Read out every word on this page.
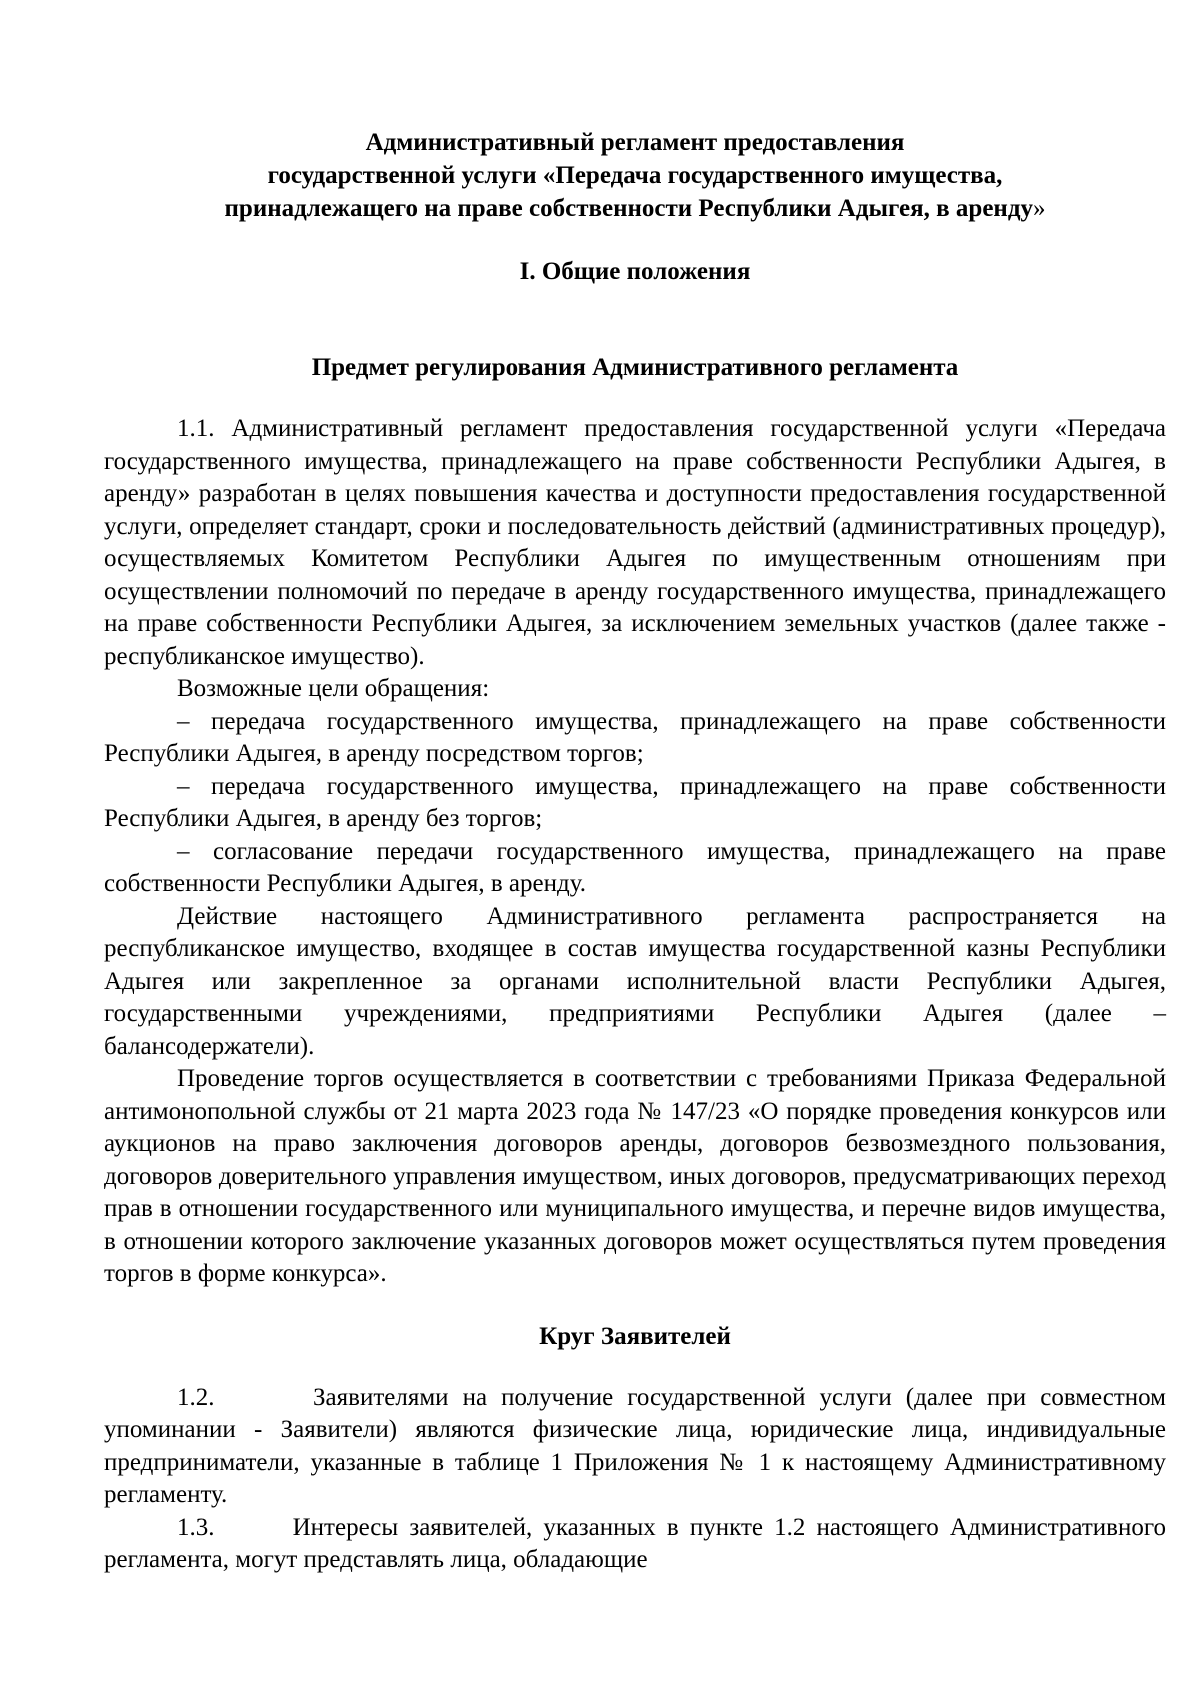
Административный регламент предоставления
государственной услуги «Передача государственного имущества,
принадлежащего на праве собственности Республики Адыгея, в аренду»
I. Общие положения
Предмет регулирования Административного регламента

1.1. Административный регламент предоставления государственной услуги «Передача государственного имущества, принадлежащего на праве собственности Республики Адыгея, в аренду» разработан в целях повышения качества и доступности предоставления государственной услуги, определяет стандарт, сроки и последовательность действий (административных процедур), осуществляемых Комитетом Республики Адыгея по имущественным отношениям при осуществлении полномочий по передаче в аренду государственного имущества, принадлежащего на праве собственности Республики Адыгея, за исключением земельных участков (далее также - республиканское имущество).

Возможные цели обращения:

– передача государственного имущества, принадлежащего на праве собственности Республики Адыгея, в аренду посредством торгов;

– передача государственного имущества, принадлежащего на праве собственности Республики Адыгея, в аренду без торгов;

– согласование передачи государственного имущества, принадлежащего на праве собственности Республики Адыгея, в аренду.

Действие настоящего Административного регламента распространяется на республиканское имущество, входящее в состав имущества государственной казны Республики Адыгея или закрепленное за органами исполнительной власти Республики Адыгея, государственными учреждениями, предприятиями Республики Адыгея (далее – балансодержатели).

Проведение торгов осуществляется в соответствии с требованиями Приказа Федеральной антимонопольной службы от 21 марта 2023 года № 147/23 «О порядке проведения конкурсов или аукционов на право заключения договоров аренды, договоров безвозмездного пользования, договоров доверительного управления имуществом, иных договоров, предусматривающих переход прав в отношении государственного или муниципального имущества, и перечне видов имущества, в отношении которого заключение указанных договоров может осуществляться путем проведения торгов в форме конкурса».

Круг Заявителей

1.2.       Заявителями на получение государственной услуги (далее при совместном упоминании - Заявители) являются физические лица, юридические лица, индивидуальные предприниматели, указанные в таблице 1 Приложения № 1 к настоящему Административному регламенту.

1.3.       Интересы заявителей, указанных в пункте 1.2 настоящего Административного регламента, могут представлять лица, обладающие
